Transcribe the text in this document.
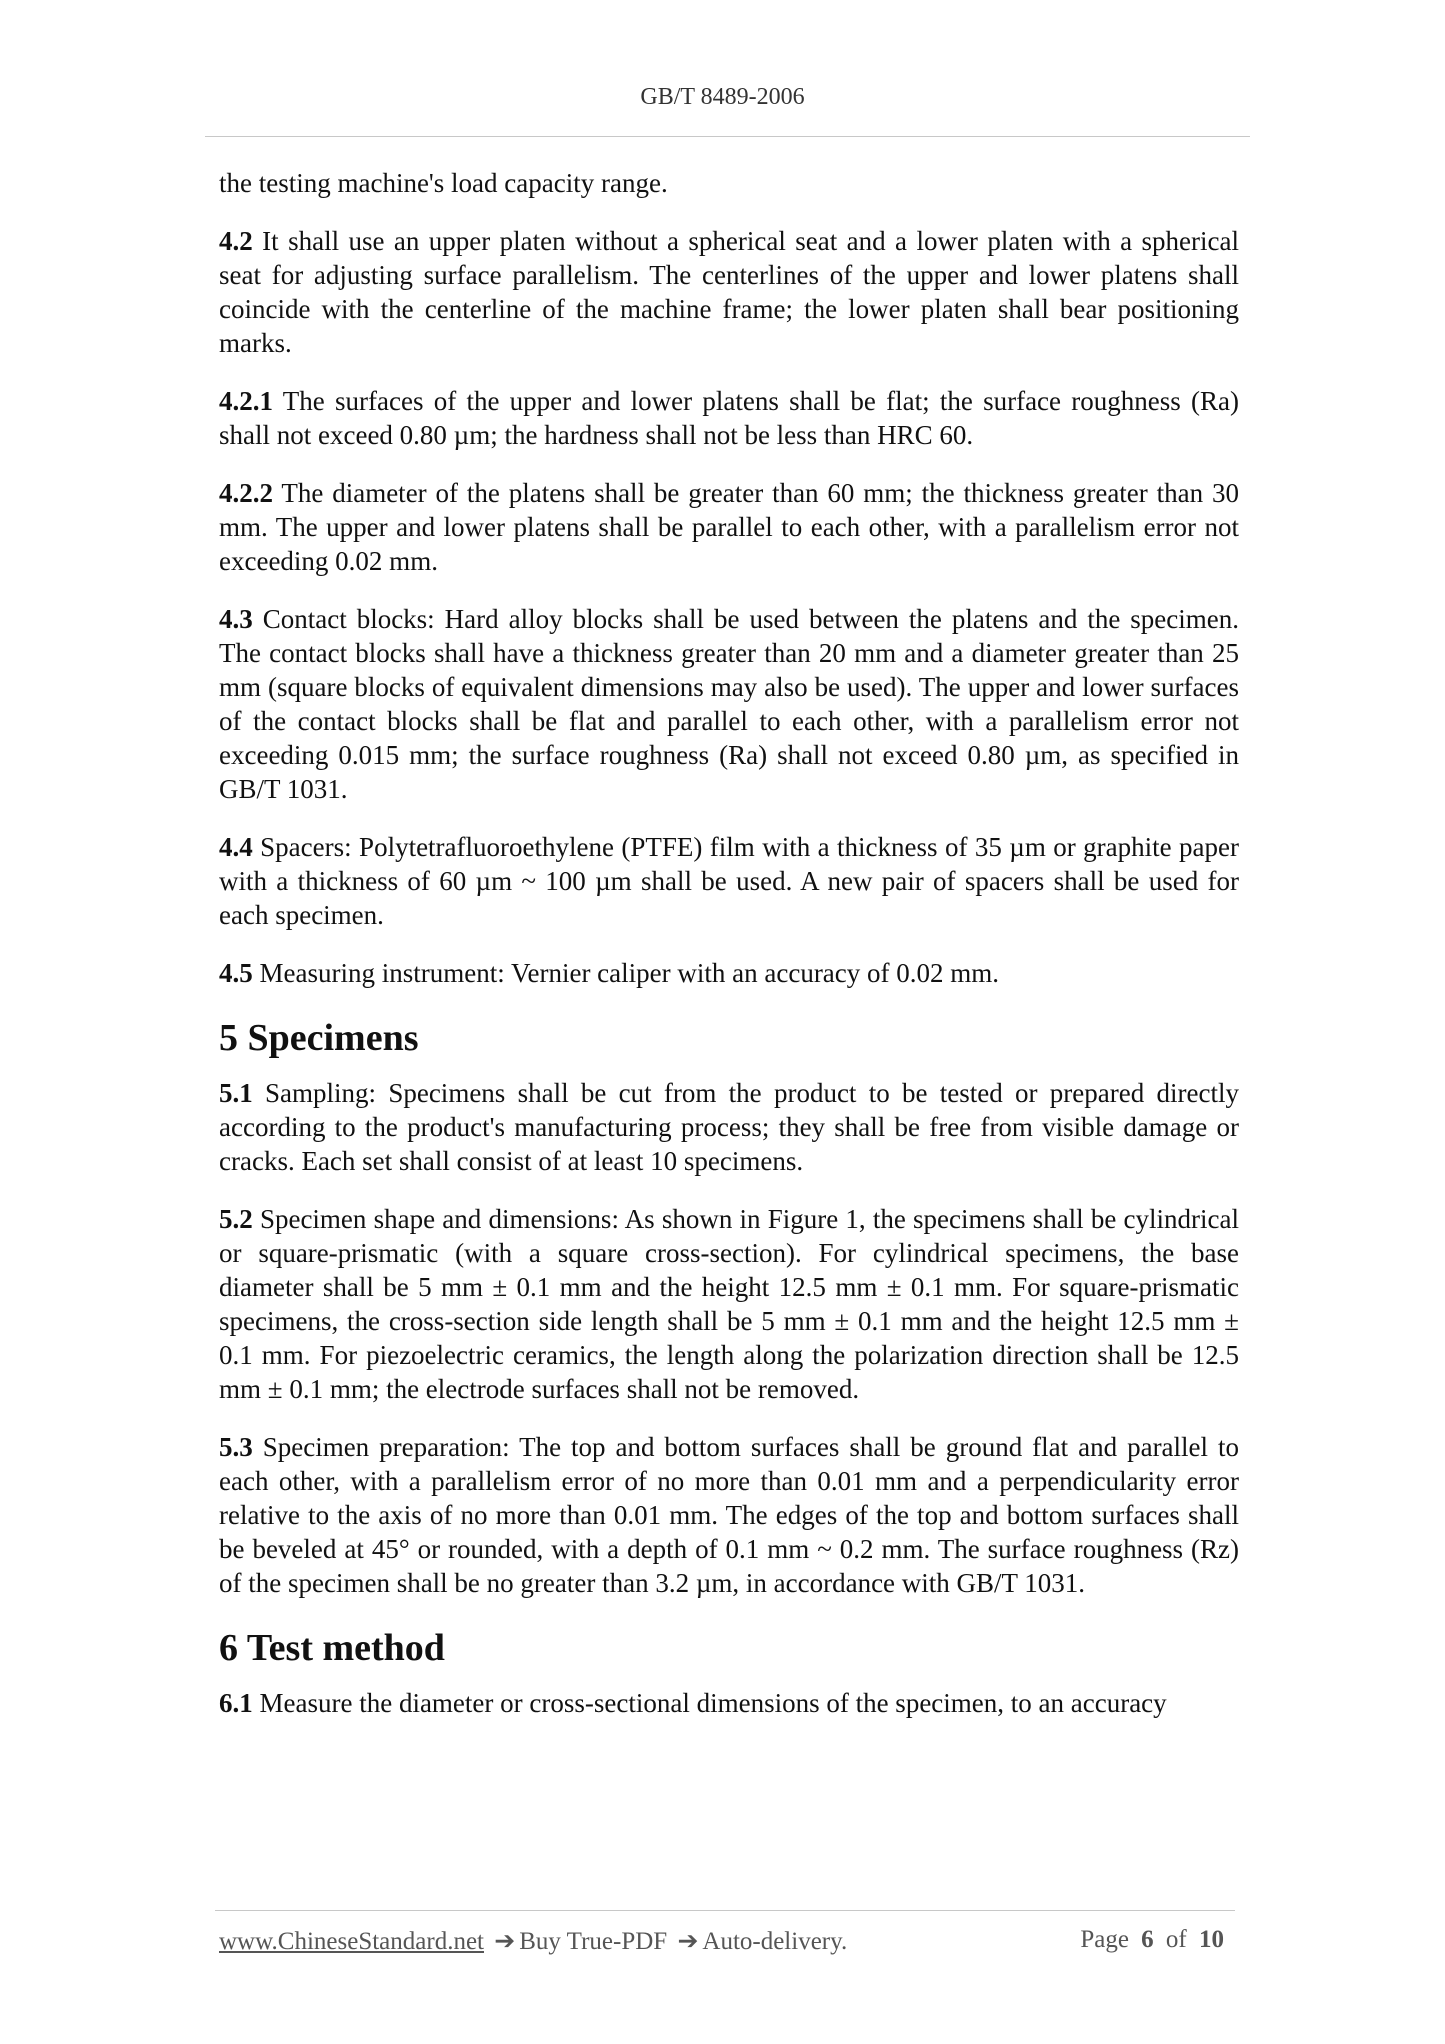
GB/T 8489-2006

the testing machine's load capacity range.

4.2 It shall use an upper platen without a spherical seat and a lower platen with a spherical seat for adjusting surface parallelism. The centerlines of the upper and lower platens shall coincide with the centerline of the machine frame; the lower platen shall bear positioning marks.

4.2.1 The surfaces of the upper and lower platens shall be flat; the surface roughness (Ra) shall not exceed 0.80 µm; the hardness shall not be less than HRC 60.

4.2.2 The diameter of the platens shall be greater than 60 mm; the thickness greater than 30 mm. The upper and lower platens shall be parallel to each other, with a parallelism error not exceeding 0.02 mm.

4.3 Contact blocks: Hard alloy blocks shall be used between the platens and the specimen. The contact blocks shall have a thickness greater than 20 mm and a diameter greater than 25 mm (square blocks of equivalent dimensions may also be used). The upper and lower surfaces of the contact blocks shall be flat and parallel to each other, with a parallelism error not exceeding 0.015 mm; the surface roughness (Ra) shall not exceed 0.80 µm, as specified in GB/T 1031.

4.4 Spacers: Polytetrafluoroethylene (PTFE) film with a thickness of 35 µm or graphite paper with a thickness of 60 µm ~ 100 µm shall be used. A new pair of spacers shall be used for each specimen.

4.5 Measuring instrument: Vernier caliper with an accuracy of 0.02 mm.

5 Specimens

5.1 Sampling: Specimens shall be cut from the product to be tested or prepared directly according to the product's manufacturing process; they shall be free from visible damage or cracks. Each set shall consist of at least 10 specimens.

5.2 Specimen shape and dimensions: As shown in Figure 1, the specimens shall be cylindrical or square-prismatic (with a square cross-section). For cylindrical specimens, the base diameter shall be 5 mm ± 0.1 mm and the height 12.5 mm ± 0.1 mm. For square-prismatic specimens, the cross-section side length shall be 5 mm ± 0.1 mm and the height 12.5 mm ± 0.1 mm. For piezoelectric ceramics, the length along the polarization direction shall be 12.5 mm ± 0.1 mm; the electrode surfaces shall not be removed.

5.3 Specimen preparation: The top and bottom surfaces shall be ground flat and parallel to each other, with a parallelism error of no more than 0.01 mm and a perpendicularity error relative to the axis of no more than 0.01 mm. The edges of the top and bottom surfaces shall be beveled at 45° or rounded, with a depth of 0.1 mm ~ 0.2 mm. The surface roughness (Rz) of the specimen shall be no greater than 3.2 µm, in accordance with GB/T 1031.

6 Test method

6.1 Measure the diameter or cross-sectional dimensions of the specimen, to an accuracy

www.ChineseStandard.net ➔ Buy True-PDF ➔ Auto-delivery.	Page 6 of 10
